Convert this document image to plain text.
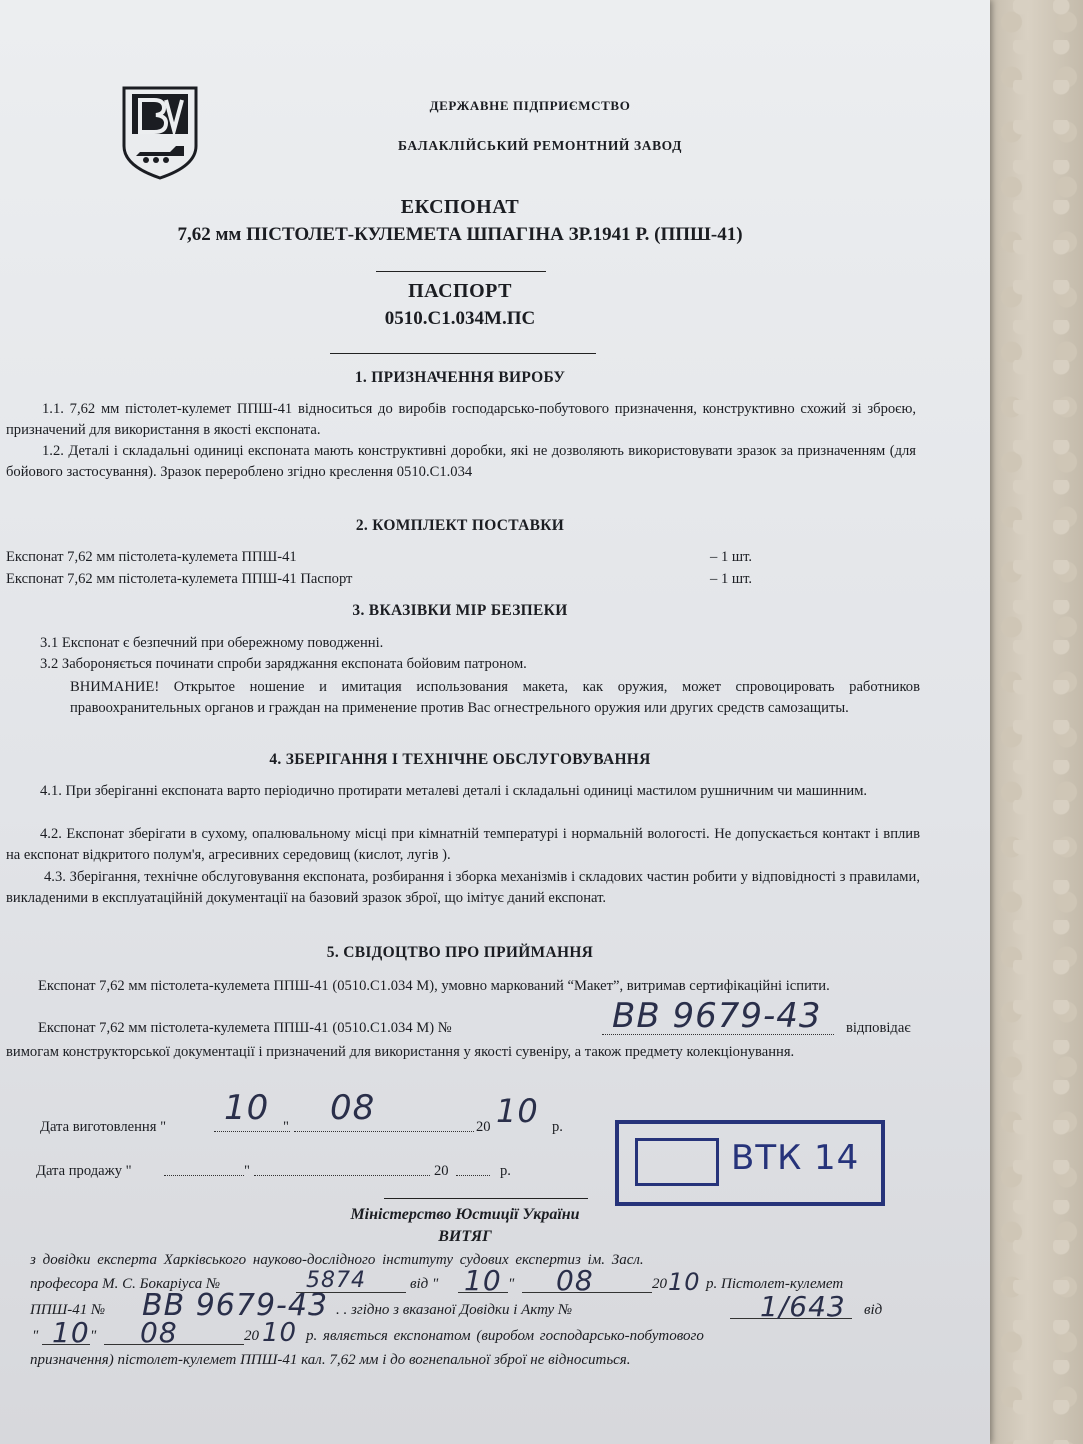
ДЕРЖАВНЕ ПІДПРИЄМСТВО
БАЛАКЛІЙСЬКИЙ РЕМОНТНИЙ ЗАВОД
ЕКСПОНАТ
7,62 мм ПІСТОЛЕТ-КУЛЕМЕТА ШПАГІНА ЗР.1941 Р. (ППШ-41)
ПАСПОРТ
0510.С1.034М.ПС
1. ПРИЗНАЧЕННЯ ВИРОБУ
1.1. 7,62 мм пістолет-кулемет ППШ-41 відноситься до виробів господарсько-побутового призначення, конструктивно схожий зі зброєю, призначений для використання в якості експоната.
1.2. Деталі і складальні одиниці експоната мають конструктивні доробки, які не дозволяють використовувати зразок за призначенням (для бойового застосування). Зразок перероблено згідно креслення 0510.С1.034
2. КОМПЛЕКТ ПОСТАВКИ
Експонат 7,62 мм пістолета-кулемета ППШ-41	– 1 шт.
Експонат 7,62 мм пістолета-кулемета ППШ-41 Паспорт	– 1 шт.
3. ВКАЗІВКИ МІР БЕЗПЕКИ
3.1 Експонат є безпечний при обережному поводженні.
3.2 Забороняється починати спроби заряджання експоната бойовим патроном.
ВНИМАНИЕ! Открытое ношение и имитация использования макета, как оружия, может спровоцировать работников правоохранительных органов и граждан на применение против Вас огнестрельного оружия или других средств самозащиты.
4. ЗБЕРІГАННЯ І ТЕХНІЧНЕ ОБСЛУГОВУВАННЯ
4.1. При зберіганні експоната варто періодично протирати металеві деталі і складальні одиниці мастилом рушничним чи машинним.
4.2. Експонат зберігати в сухому, опалювальному місці при кімнатній температурі і нормальній вологості. Не допускається контакт і вплив на експонат відкритого полум'я, агресивних середовищ (кислот, лугів ).
4.3. Зберігання, технічне обслуговування експоната, розбирання і зборка механізмів і складових частин робити у відповідності з правилами, викладеними в експлуатаційній документації на базовий зразок зброї, що імітує даний експонат.
5. СВІДОЦТВО ПРО ПРИЙМАННЯ
Експонат 7,62 мм пістолета-кулемета ППШ-41 (0510.С1.034 М), умовно маркований “Макет”, витримав сертифікаційні іспити.
Експонат 7,62 мм пістолета-кулемета ППШ-41 (0510.С1.034 М) №	ВВ 9679-43 відповідає
вимогам конструкторської документації і призначений для використання у якості сувеніру, а також предмету колекціонування.
Дата виготовлення "	"
10 08	20 10 р.
Дата продажу "	"	20	р.	ВТК 14
Міністерство Юстиції України
ВИТЯГ
з довідки експерта Харківського науково-дослідного інституту судових експертиз ім. Засл.
професора М. С. Бокаріуса №	5874	від " 10 " 08	20 10 р. Пістолет-кулемет
ППШ-41 № ВВ 9679-43 . . згідно з вказаної Довідки і Акту №	1/643 від
" 10 " 08	20 10 р. являється експонатом (виробом господарсько-побутового
призначення) пістолет-кулемет ППШ-41 кал. 7,62 мм і до вогнепальної зброї не відноситься.
